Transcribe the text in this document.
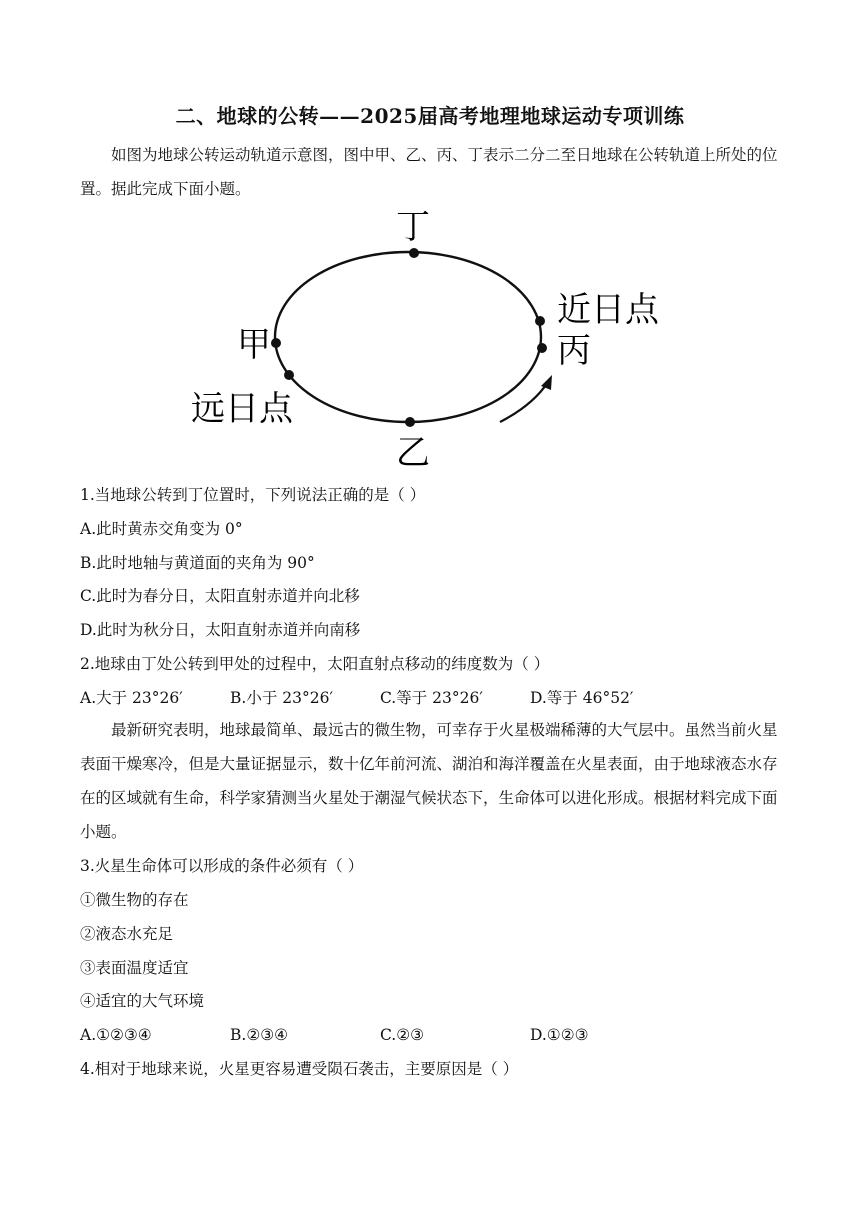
二、地球的公转——2025届高考地理地球运动专项训练

如图为地球公转运动轨道示意图，图中甲、乙、丙、丁表示二分二至日地球在公转轨道上所处的位置。据此完成下面小题。

丁
甲
远日点
乙
近日点
丙
1.当地球公转到丁位置时，下列说法正确的是（ ）
A.此时黄赤交角变为 0°
B.此时地轴与黄道面的夹角为 90°
C.此时为春分日，太阳直射赤道并向北移
D.此时为秋分日，太阳直射赤道并向南移
2.地球由丁处公转到甲处的过程中，太阳直射点移动的纬度数为（ ）
A.大于 23°26′	B.小于 23°26′	C.等于 23°26′	D.等于 46°52′

最新研究表明，地球最简单、最远古的微生物，可幸存于火星极端稀薄的大气层中。虽然当前火星表面干燥寒冷，但是大量证据显示，数十亿年前河流、湖泊和海洋覆盖在火星表面，由于地球液态水存在的区域就有生命，科学家猜测当火星处于潮湿气候状态下，生命体可以进化形成。根据材料完成下面小题。

3.火星生命体可以形成的条件必须有（ ）
①微生物的存在
②液态水充足
③表面温度适宜
④适宜的大气环境
A.①②③④	B.②③④	C.②③	D.①②③
4.相对于地球来说，火星更容易遭受陨石袭击，主要原因是（ ）
